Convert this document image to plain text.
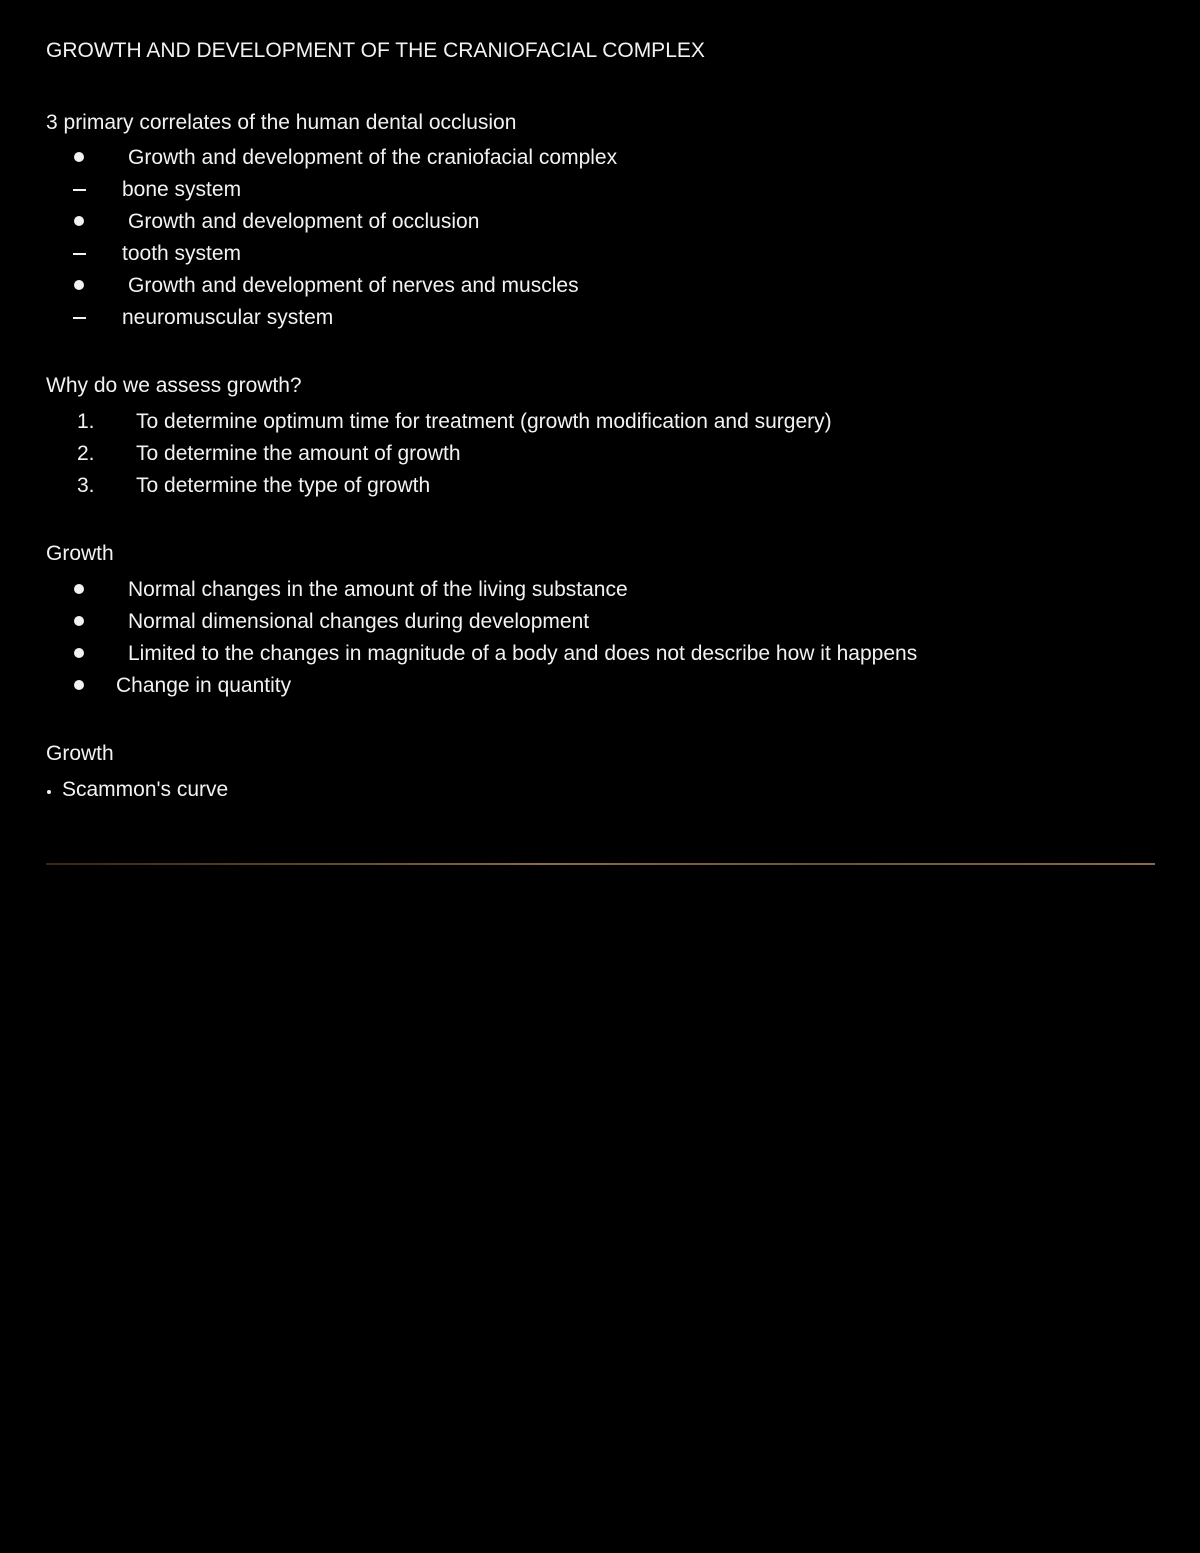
GROWTH AND DEVELOPMENT OF THE CRANIOFACIAL COMPLEX
3 primary correlates of the human dental occlusion
Growth and development of the craniofacial complex
bone system
Growth and development of occlusion
tooth system
Growth and development of nerves and muscles
neuromuscular system
Why do we assess growth?
1. To determine optimum time for treatment (growth modification and surgery)
2. To determine the amount of growth
3. To determine the type of growth
Growth
Normal changes in the amount of the living substance
Normal dimensional changes during development
Limited to the changes in magnitude of a body and does not describe how it happens
Change in quantity
Growth
Scammon's curve
